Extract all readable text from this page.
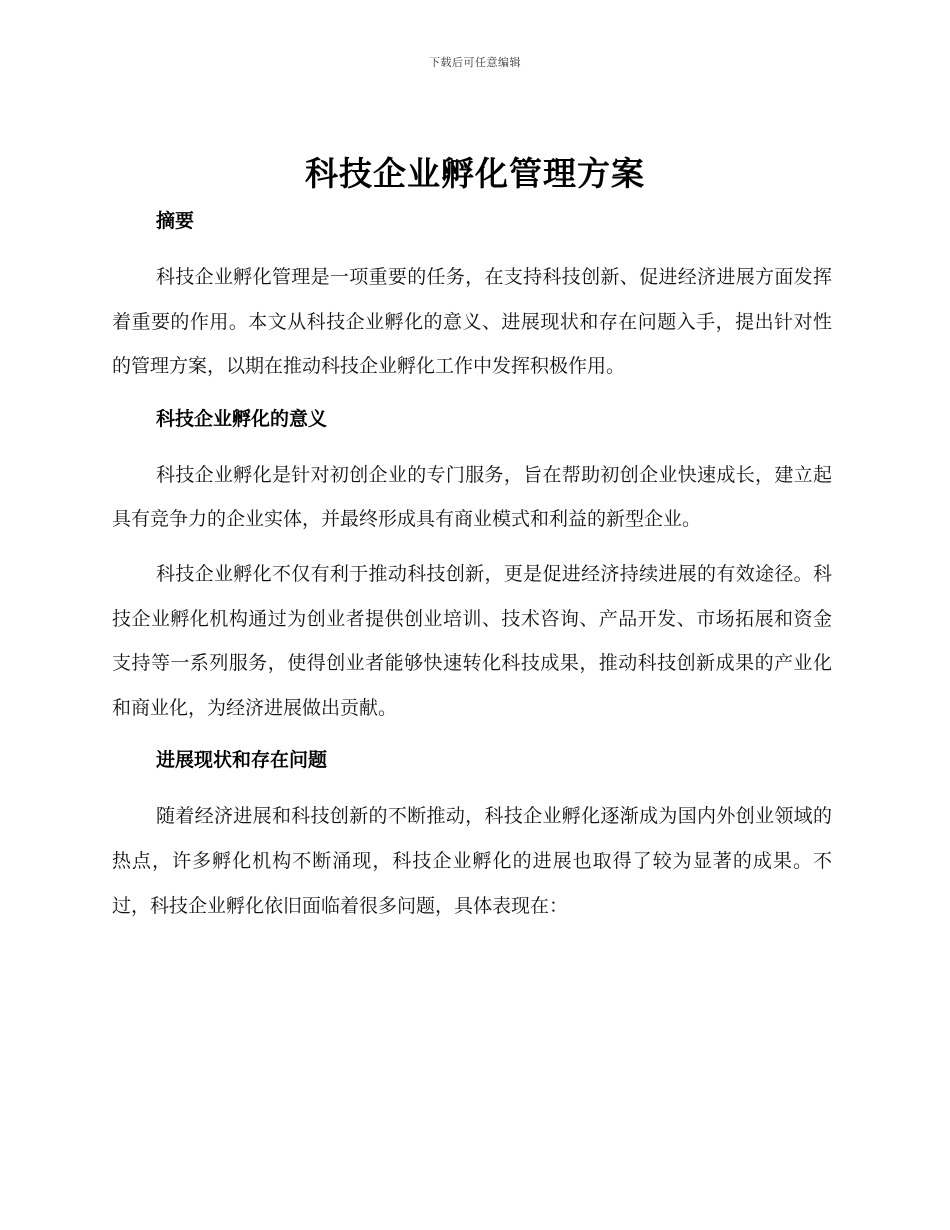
下载后可任意编辑
科技企业孵化管理方案

摘要

科技企业孵化管理是一项重要的任务，在支持科技创新、促进经济进展方面发挥着重要的作用。本文从科技企业孵化的意义、进展现状和存在问题入手，提出针对性的管理方案，以期在推动科技企业孵化工作中发挥积极作用。

科技企业孵化的意义

科技企业孵化是针对初创企业的专门服务，旨在帮助初创企业快速成长，建立起具有竞争力的企业实体，并最终形成具有商业模式和利益的新型企业。

科技企业孵化不仅有利于推动科技创新，更是促进经济持续进展的有效途径。科技企业孵化机构通过为创业者提供创业培训、技术咨询、产品开发、市场拓展和资金支持等一系列服务，使得创业者能够快速转化科技成果，推动科技创新成果的产业化和商业化，为经济进展做出贡献。

进展现状和存在问题

随着经济进展和科技创新的不断推动，科技企业孵化逐渐成为国内外创业领域的热点，许多孵化机构不断涌现，科技企业孵化的进展也取得了较为显著的成果。不过，科技企业孵化依旧面临着很多问题，具体表现在：
